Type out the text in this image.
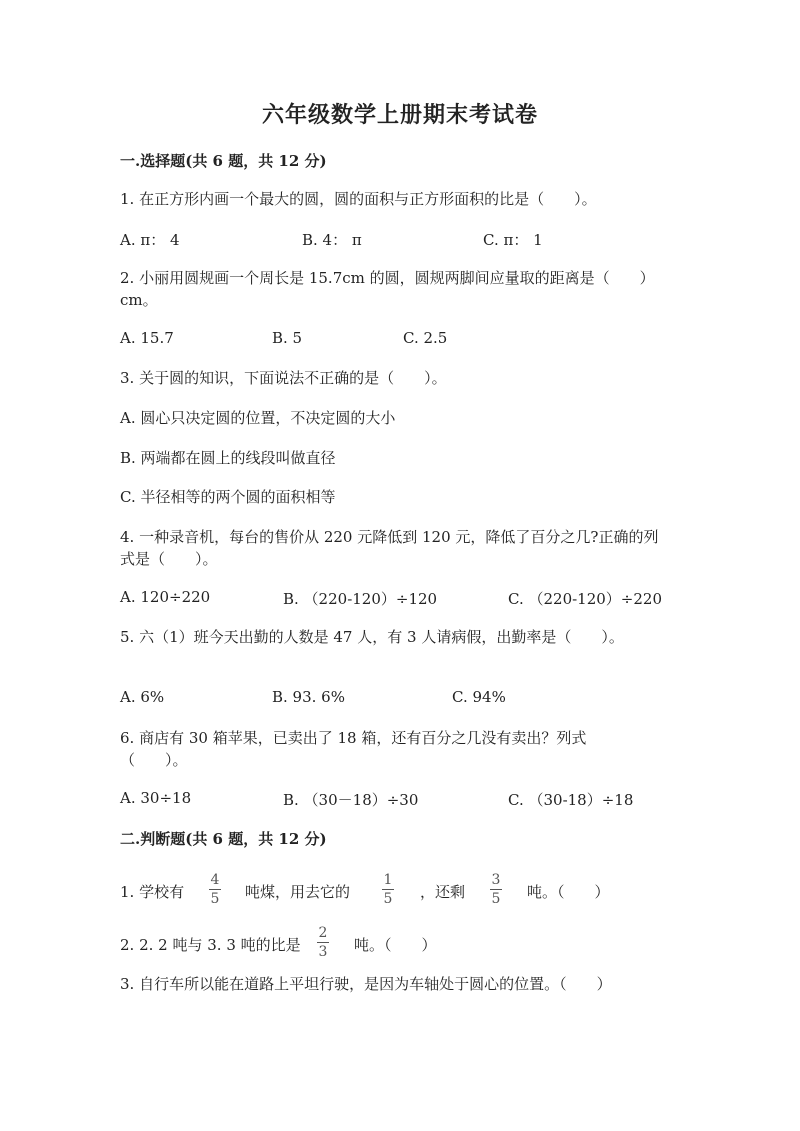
六年级数学上册期末考试卷
一.选择题(共 6 题，共 12 分)
1. 在正方形内画一个最大的圆，圆的面积与正方形面积的比是（　　）。
A. π： 4	B. 4： π	C. π： 1
2. 小丽用圆规画一个周长是 15.7cm 的圆，圆规两脚间应量取的距离是（　　）
cm。
A. 15.7	B. 5	C. 2.5
3. 关于圆的知识，下面说法不正确的是（　　）。
A. 圆心只决定圆的位置，不决定圆的大小
B. 两端都在圆上的线段叫做直径
C. 半径相等的两个圆的面积相等
4. 一种录音机，每台的售价从 220 元降低到 120 元，降低了百分之几?正确的列
式是（　　）。
A. 120÷220	B. （220-120）÷120	C. （220-120）÷220
5. 六（1）班今天出勤的人数是 47 人，有 3 人请病假，出勤率是（　　）。
A. 6%	B. 93. 6%	C. 94%
6. 商店有 30 箱苹果，已卖出了 18 箱，还有百分之几没有卖出？列式
（　　）。
A. 30÷18	B. （30－18）÷30	C. （30-18）÷18
二.判断题(共 6 题，共 12 分)
1. 学校有
4
5 吨煤，用去它的
1
5 ，还剩
3
5 吨。（　　）
2. 2. 2 吨与 3. 3 吨的比是
2
3 吨。（　　）
3. 自行车所以能在道路上平坦行驶，是因为车轴处于圆心的位置。（　　）
